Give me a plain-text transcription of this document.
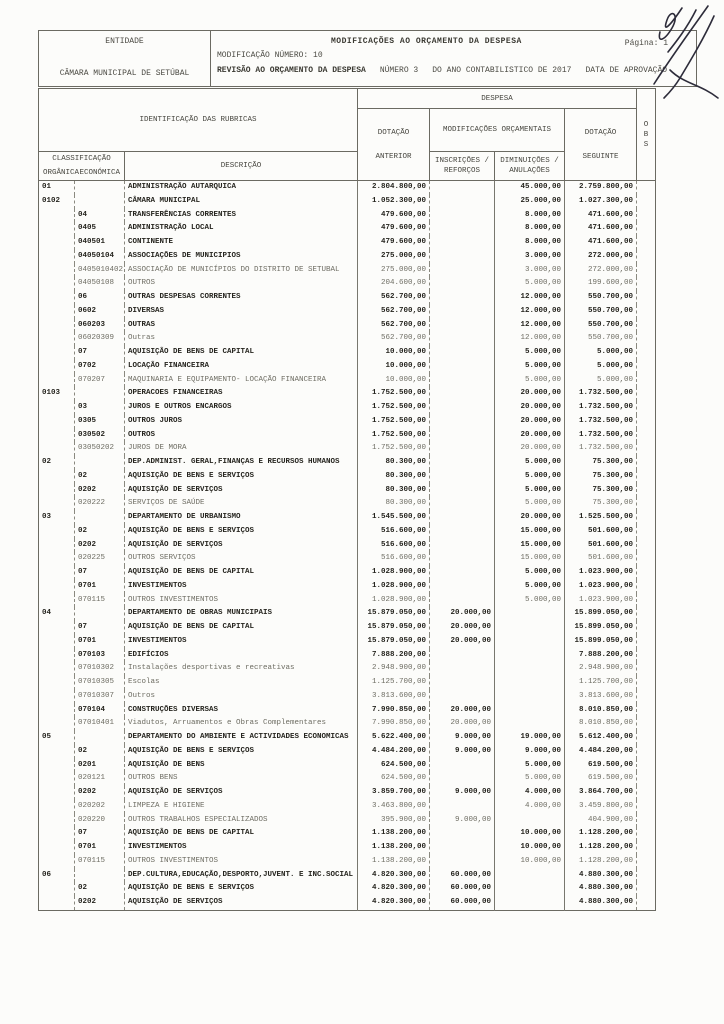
ENTIDADE
CÂMARA MUNICIPAL DE SETÚBAL
MODIFICAÇÕES AO ORÇAMENTO DA DESPESA	Página: 1
MODIFICAÇÃO NÚMERO: 10
REVISÃO AO ORÇAMENTO DA DESPESA NÚMERO 3 DO ANO CONTABILISTICO DE 2017 DATA DE APROVAÇÃO
IDENTIFICAÇÃO DAS RUBRICAS			DESPESA				O
B
S

			DOTAÇÃO
ANTERIOR	MODIFICAÇÕES ORÇAMENTAIS		DOTAÇÃO
SEGUINTE	

CLASSIFICAÇÃO
ORGÂNICA ECONÓMICA		DESCRIÇÃO		INSCRIÇÕES / REFORÇOS	DIMINUIÇÕES / ANULAÇÕES		
01		ADMINISTRAÇÃO AUTARQUICA	2.804.800,00		45.000,00	2.759.800,00	
0102		CÂMARA MUNICIPAL	1.052.300,00		25.000,00	1.027.300,00	
	04	TRANSFERÊNCIAS CORRENTES	479.600,00		8.000,00	471.600,00	
	0405	ADMINISTRAÇÃO LOCAL	479.600,00		8.000,00	471.600,00	
	040501	CONTINENTE	479.600,00		8.000,00	471.600,00	
	04050104	ASSOCIAÇÕES DE MUNICIPIOS	275.000,00		3.000,00	272.000,00	
	0405010402	ASSOCIAÇÃO DE MUNICÍPIOS DO DISTRITO DE SETUBAL	275.000,00		3.000,00	272.000,00	
	04050108	OUTROS	204.600,00		5.000,00	199.600,00	
	06	OUTRAS DESPESAS CORRENTES	562.700,00		12.000,00	550.700,00	
	0602	DIVERSAS	562.700,00		12.000,00	550.700,00	
	060203	OUTRAS	562.700,00		12.000,00	550.700,00	
	06020309	Outras	562.700,00		12.000,00	550.700,00	
	07	AQUISIÇÃO DE BENS DE CAPITAL	10.000,00		5.000,00	5.000,00	
	0702	LOCAÇÃO FINANCEIRA	10.000,00		5.000,00	5.000,00	
	070207	MAQUINARIA E EQUIPAMENTO- LOCAÇÃO FINANCEIRA	10.000,00		5.000,00	5.000,00	
0103		OPERACOES FINANCEIRAS	1.752.500,00		20.000,00	1.732.500,00	
	03	JUROS E OUTROS ENCARGOS	1.752.500,00		20.000,00	1.732.500,00	
	0305	OUTROS JUROS	1.752.500,00		20.000,00	1.732.500,00	
	030502	OUTROS	1.752.500,00		20.000,00	1.732.500,00	
	03050202	JUROS DE MORA	1.752.500,00		20.000,00	1.732.500,00	
02		DEP.ADMINIST. GERAL,FINANÇAS E RECURSOS HUMANOS	80.300,00		5.000,00	75.300,00	
	02	AQUISIÇÃO DE BENS E SERVIÇOS	80.300,00		5.000,00	75.300,00	
	0202	AQUISIÇÃO DE SERVIÇOS	80.300,00		5.000,00	75.300,00	
	020222	SERVIÇOS DE SAÚDE	80.300,00		5.000,00	75.300,00	
03		DEPARTAMENTO DE URBANISMO	1.545.500,00		20.000,00	1.525.500,00	
	02	AQUISIÇÃO DE BENS E SERVIÇOS	516.600,00		15.000,00	501.600,00	
	0202	AQUISIÇÃO DE SERVIÇOS	516.600,00		15.000,00	501.600,00	
	020225	OUTROS SERVIÇOS	516.600,00		15.000,00	501.600,00	
	07	AQUISIÇÃO DE BENS DE CAPITAL	1.028.900,00		5.000,00	1.023.900,00	
	0701	INVESTIMENTOS	1.028.900,00		5.000,00	1.023.900,00	
	070115	OUTROS INVESTIMENTOS	1.028.900,00		5.000,00	1.023.900,00	
04		DEPARTAMENTO DE OBRAS MUNICIPAIS	15.879.050,00	20.000,00		15.899.050,00	
	07	AQUISIÇÃO DE BENS DE CAPITAL	15.879.050,00	20.000,00		15.899.050,00	
	0701	INVESTIMENTOS	15.879.050,00	20.000,00		15.899.050,00	
	070103	EDIFÍCIOS	7.888.200,00			7.888.200,00	
	07010302	Instalações desportivas e recreativas	2.948.900,00			2.948.900,00	
	07010305	Escolas	1.125.700,00			1.125.700,00	
	07010307	Outros	3.813.600,00			3.813.600,00	
	070104	CONSTRUÇÕES DIVERSAS	7.990.850,00	20.000,00		8.010.850,00	
	07010401	Viadutos, Arruamentos e Obras Complementares	7.990.850,00	20.000,00		8.010.850,00	
05		DEPARTAMENTO DO AMBIENTE E ACTIVIDADES ECONOMICAS	5.622.400,00	9.000,00	19.000,00	5.612.400,00	
	02	AQUISIÇÃO DE BENS E SERVIÇOS	4.484.200,00	9.000,00	9.000,00	4.484.200,00	
	0201	AQUISIÇÃO DE BENS	624.500,00		5.000,00	619.500,00	
	020121	OUTROS BENS	624.500,00		5.000,00	619.500,00	
	0202	AQUISIÇÃO DE SERVIÇOS	3.859.700,00	9.000,00	4.000,00	3.864.700,00	
	020202	LIMPEZA E HIGIENE	3.463.800,00		4.000,00	3.459.800,00	
	020220	OUTROS TRABALHOS ESPECIALIZADOS	395.900,00	9.000,00		404.900,00	
	07	AQUISIÇÃO DE BENS DE CAPITAL	1.138.200,00		10.000,00	1.128.200,00	
	0701	INVESTIMENTOS	1.138.200,00		10.000,00	1.128.200,00	
	070115	OUTROS INVESTIMENTOS	1.138.200,00		10.000,00	1.128.200,00	
06		DEP.CULTURA,EDUCAÇÃO,DESPORTO,JUVENT. E INC.SOCIAL	4.820.300,00	60.000,00		4.880.300,00	
	02	AQUISIÇÃO DE BENS E SERVIÇOS	4.820.300,00	60.000,00		4.880.300,00	
	0202	AQUISIÇÃO DE SERVIÇOS	4.820.300,00	60.000,00		4.880.300,00	
